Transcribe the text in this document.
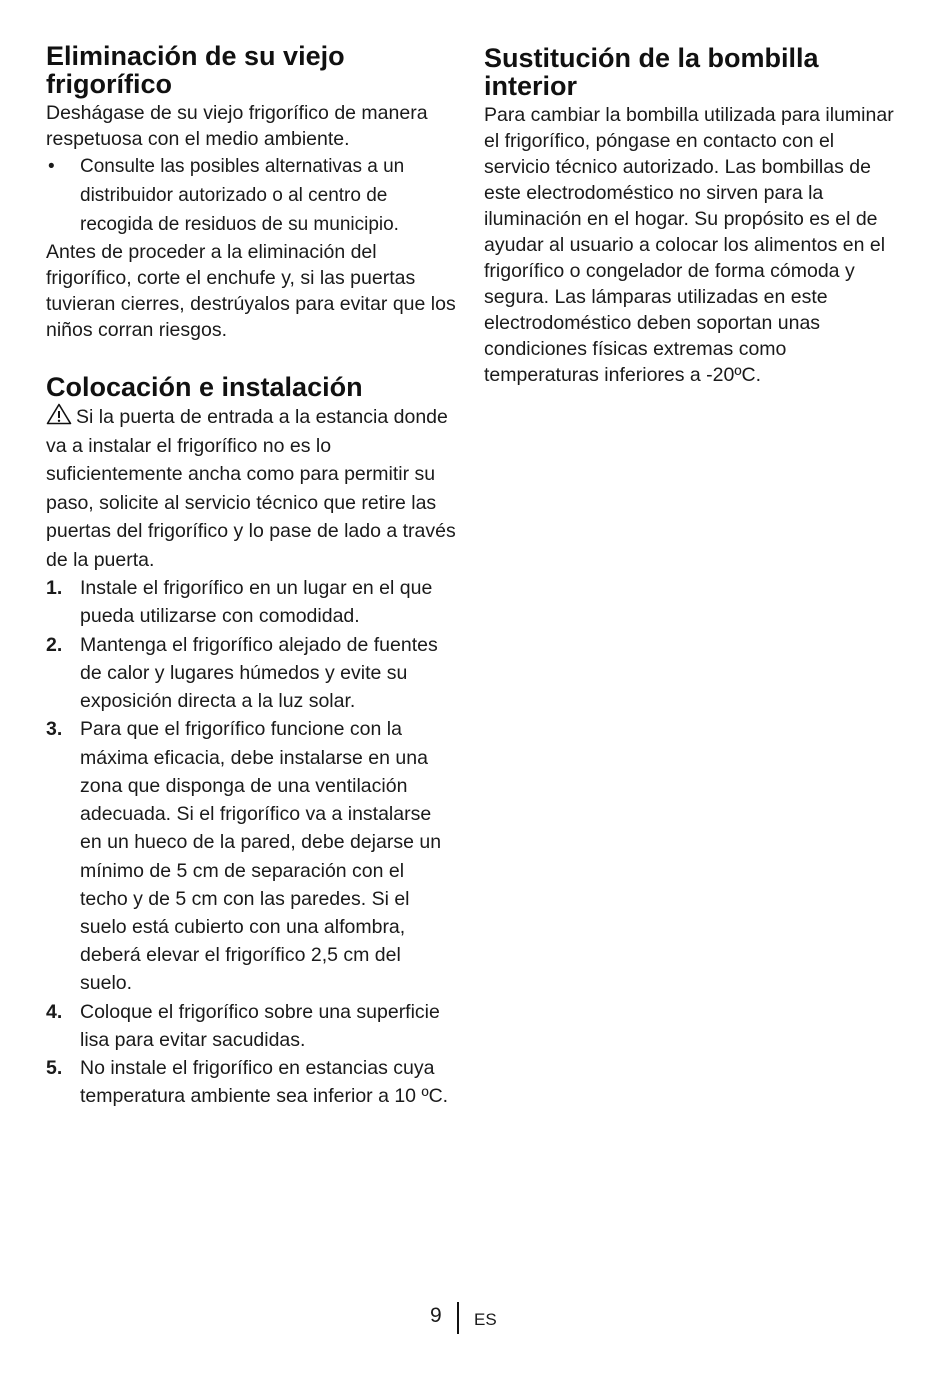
Eliminación de su viejo frigorífico

Deshágase de su viejo frigorífico de manera respetuosa con el medio ambiente.

• Consulte las posibles alternativas a un distribuidor autorizado o al centro de recogida de residuos de su municipio.

Antes de proceder a la eliminación del frigorífico, corte el enchufe y, si las puertas tuvieran cierres, destrúyalos para evitar que los niños corran riesgos.

Colocación e instalación

Si la puerta de entrada a la estancia donde va a instalar el frigorífico no es lo suficientemente ancha como para permitir su paso, solicite al servicio técnico que retire las puertas del frigorífico y lo pase de lado a través de la puerta.

1. Instale el frigorífico en un lugar en el que pueda utilizarse con comodidad.
2. Mantenga el frigorífico alejado de fuentes de calor y lugares húmedos y evite su exposición directa a la luz solar.
3. Para que el frigorífico funcione con la máxima eficacia, debe instalarse en una zona que disponga de una ventilación adecuada. Si el frigorífico va a instalarse en un hueco de la pared, debe dejarse un mínimo de 5 cm de separación con el techo y de 5 cm con las paredes. Si el suelo está cubierto con una alfombra, deberá elevar el frigorífico 2,5 cm del suelo.
4. Coloque el frigorífico sobre una superficie lisa para evitar sacudidas.
5. No instale el frigorífico en estancias cuya temperatura ambiente sea inferior a 10 ºC.
Sustitución de la bombilla interior

Para cambiar la bombilla utilizada para iluminar el frigorífico, póngase en contacto con el servicio técnico autorizado. Las bombillas de este electrodoméstico no sirven para la iluminación en el hogar. Su propósito es el de ayudar al usuario a colocar los alimentos en el frigorífico o congelador de forma cómoda y segura. Las lámparas utilizadas en este electrodoméstico deben soportan unas condiciones físicas extremas como temperaturas inferiores a -20ºC.

9 ES
